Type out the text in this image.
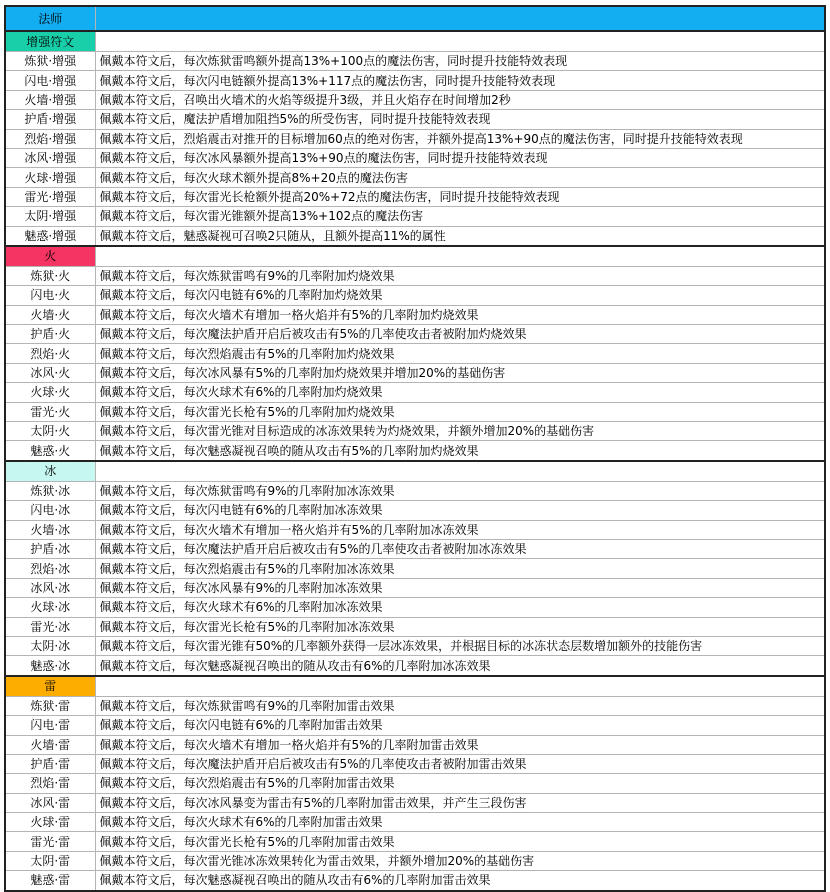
法师	
增强符文	
炼狱·增强	佩戴本符文后，每次炼狱雷鸣额外提高13%+100点的魔法伤害，同时提升技能特效表现
闪电·增强	佩戴本符文后，每次闪电链额外提高13%+117点的魔法伤害，同时提升技能特效表现
火墙·增强	佩戴本符文后，召唤出火墙术的火焰等级提升3级，并且火焰存在时间增加2秒
护盾·增强	佩戴本符文后，魔法护盾增加阻挡5%的所受伤害，同时提升技能特效表现
烈焰·增强	佩戴本符文后，烈焰震击对推开的目标增加60点的绝对伤害，并额外提高13%+90点的魔法伤害，同时提升技能特效表现
冰风·增强	佩戴本符文后，每次冰风暴额外提高13%+90点的魔法伤害，同时提升技能特效表现
火球·增强	佩戴本符文后，每次火球术额外提高8%+20点的魔法伤害
雷光·增强	佩戴本符文后，每次雷光长枪额外提高20%+72点的魔法伤害，同时提升技能特效表现
太阴·增强	佩戴本符文后，每次雷光锥额外提高13%+102点的魔法伤害
魅惑·增强	佩戴本符文后，魅惑凝视可召唤2只随从，且额外提高11%的属性
火	
炼狱·火	佩戴本符文后，每次炼狱雷鸣有9%的几率附加灼烧效果
闪电·火	佩戴本符文后，每次闪电链有6%的几率附加灼烧效果
火墙·火	佩戴本符文后，每次火墙术有增加一格火焰并有5%的几率附加灼烧效果
护盾·火	佩戴本符文后，每次魔法护盾开启后被攻击有5%的几率使攻击者被附加灼烧效果
烈焰·火	佩戴本符文后，每次烈焰震击有5%的几率附加灼烧效果
冰风·火	佩戴本符文后，每次冰风暴有5%的几率附加灼烧效果并增加20%的基础伤害
火球·火	佩戴本符文后，每次火球术有6%的几率附加灼烧效果
雷光·火	佩戴本符文后，每次雷光长枪有5%的几率附加灼烧效果
太阴·火	佩戴本符文后，每次雷光锥对目标造成的冰冻效果转为灼烧效果，并额外增加20%的基础伤害
魅惑·火	佩戴本符文后，每次魅惑凝视召唤的随从攻击有5%的几率附加灼烧效果
冰	
炼狱·冰	佩戴本符文后，每次炼狱雷鸣有9%的几率附加冰冻效果
闪电·冰	佩戴本符文后，每次闪电链有6%的几率附加冰冻效果
火墙·冰	佩戴本符文后，每次火墙术有增加一格火焰并有5%的几率附加冰冻效果
护盾·冰	佩戴本符文后，每次魔法护盾开启后被攻击有5%的几率使攻击者被附加冰冻效果
烈焰·冰	佩戴本符文后，每次烈焰震击有5%的几率附加冰冻效果
冰风·冰	佩戴本符文后，每次冰风暴有9%的几率附加冰冻效果
火球·冰	佩戴本符文后，每次火球术有6%的几率附加冰冻效果
雷光·冰	佩戴本符文后，每次雷光长枪有5%的几率附加冰冻效果
太阴·冰	佩戴本符文后，每次雷光锥有50%的几率额外获得一层冰冻效果，并根据目标的冰冻状态层数增加额外的技能伤害
魅惑·冰	佩戴本符文后，每次魅惑凝视召唤出的随从攻击有6%的几率附加冰冻效果
雷	
炼狱·雷	佩戴本符文后，每次炼狱雷鸣有9%的几率附加雷击效果
闪电·雷	佩戴本符文后，每次闪电链有6%的几率附加雷击效果
火墙·雷	佩戴本符文后，每次火墙术有增加一格火焰并有5%的几率附加雷击效果
护盾·雷	佩戴本符文后，每次魔法护盾开启后被攻击有5%的几率使攻击者被附加雷击效果
烈焰·雷	佩戴本符文后，每次烈焰震击有5%的几率附加雷击效果
冰风·雷	佩戴本符文后，每次冰风暴变为雷击有5%的几率附加雷击效果，并产生三段伤害
火球·雷	佩戴本符文后，每次火球术有6%的几率附加雷击效果
雷光·雷	佩戴本符文后，每次雷光长枪有5%的几率附加雷击效果
太阴·雷	佩戴本符文后，每次雷光锥冰冻效果转化为雷击效果，并额外增加20%的基础伤害
魅惑·雷	佩戴本符文后，每次魅惑凝视召唤出的随从攻击有6%的几率附加雷击效果
